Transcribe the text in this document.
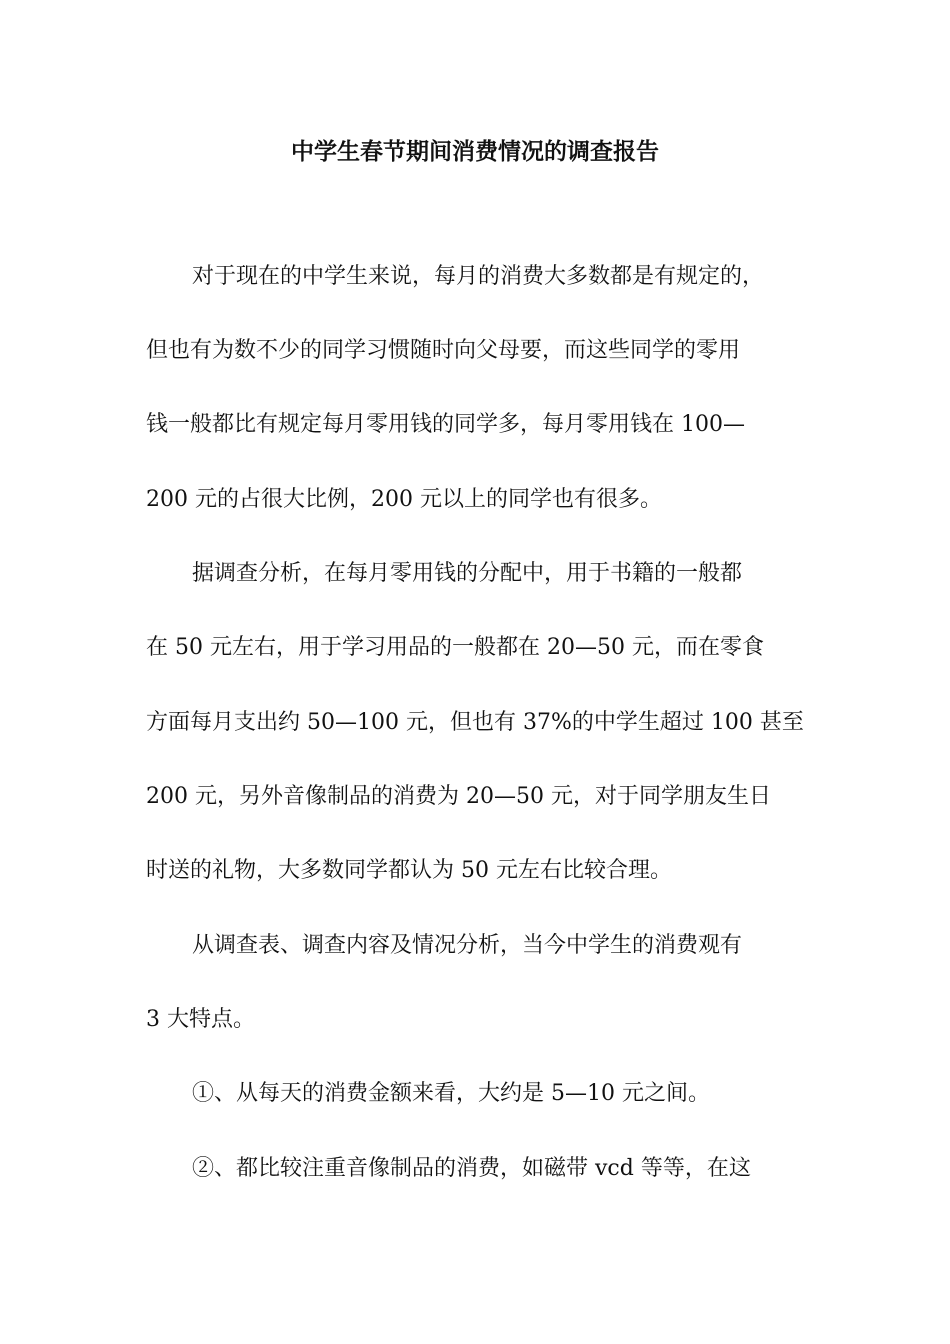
中学生春节期间消费情况的调查报告
对于现在的中学生来说，每月的消费大多数都是有规定的，
但也有为数不少的同学习惯随时向父母要，而这些同学的零用
钱一般都比有规定每月零用钱的同学多，每月零用钱在 100—
200 元的占很大比例，200 元以上的同学也有很多。
据调查分析，在每月零用钱的分配中，用于书籍的一般都
在 50 元左右，用于学习用品的一般都在 20—50 元，而在零食
方面每月支出约 50—100 元，但也有 37%的中学生超过 100 甚至
200 元，另外音像制品的消费为 20—50 元，对于同学朋友生日
时送的礼物，大多数同学都认为 50 元左右比较合理。
从调查表、调查内容及情况分析，当今中学生的消费观有
3 大特点。
①、从每天的消费金额来看，大约是 5—10 元之间。
②、都比较注重音像制品的消费，如磁带 vcd 等等，在这
